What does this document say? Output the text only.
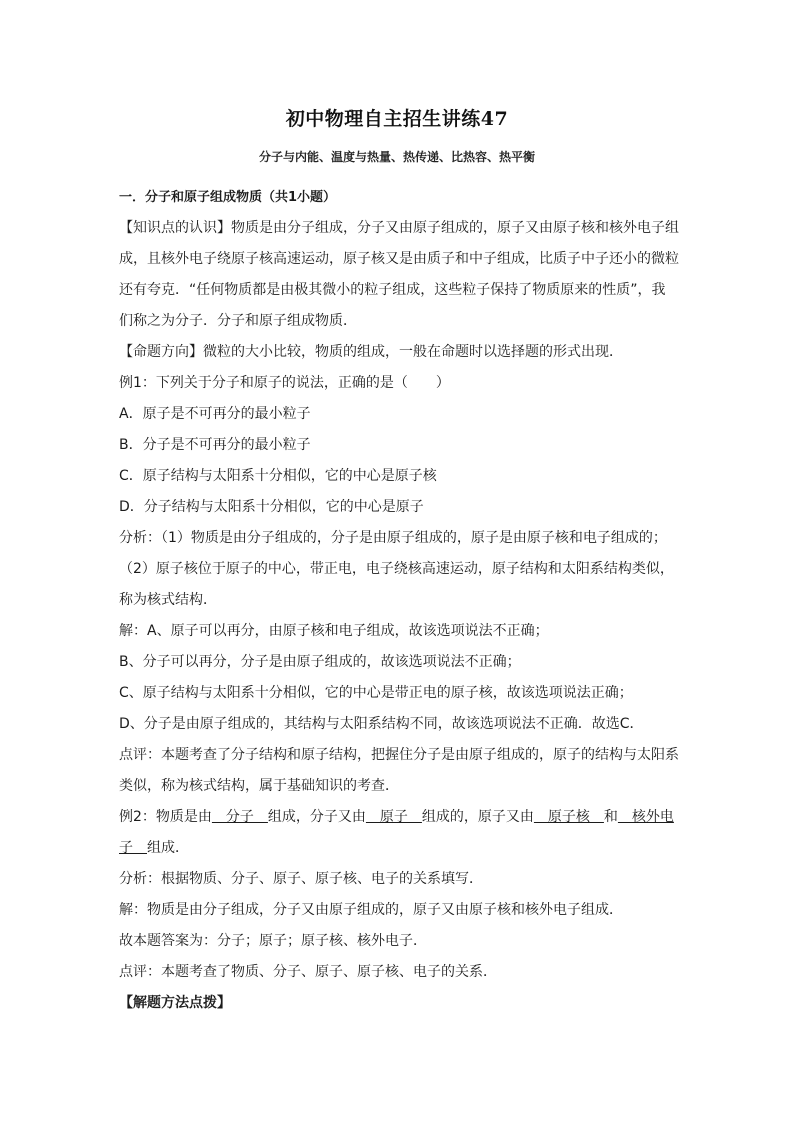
初中物理自主招生讲练47
分子与内能、温度与热量、热传递、比热容、热平衡
一．分子和原子组成物质（共1小题）
【知识点的认识】物质是由分子组成，分子又由原子组成的，原子又由原子核和核外电子组
成，且核外电子绕原子核高速运动，原子核又是由质子和中子组成，比质子中子还小的微粒
还有夸克．“任何物质都是由极其微小的粒子组成，这些粒子保持了物质原来的性质”，我
们称之为分子．分子和原子组成物质．
【命题方向】微粒的大小比较，物质的组成，一般在命题时以选择题的形式出现．
例1：下列关于分子和原子的说法，正确的是（　　）
A．原子是不可再分的最小粒子
B．分子是不可再分的最小粒子
C．原子结构与太阳系十分相似，它的中心是原子核
D．分子结构与太阳系十分相似，它的中心是原子
分析：（1）物质是由分子组成的，分子是由原子组成的，原子是由原子核和电子组成的；
（2）原子核位于原子的中心，带正电，电子绕核高速运动，原子结构和太阳系结构类似，
称为核式结构．
解：A、原子可以再分，由原子核和电子组成，故该选项说法不正确；
B、分子可以再分，分子是由原子组成的，故该选项说法不正确；
C、原子结构与太阳系十分相似，它的中心是带正电的原子核，故该选项说法正确；
D、分子是由原子组成的，其结构与太阳系结构不同，故该选项说法不正确．故选C．
点评：本题考查了分子结构和原子结构，把握住分子是由原子组成的，原子的结构与太阳系
类似，称为核式结构，属于基础知识的考查．
例2：物质是由　分子　组成，分子又由　原子　组成的，原子又由　原子核　和　核外电
子　组成．
分析：根据物质、分子、原子、原子核、电子的关系填写．
解：物质是由分子组成，分子又由原子组成的，原子又由原子核和核外电子组成．
故本题答案为：分子；原子；原子核、核外电子．
点评：本题考查了物质、分子、原子、原子核、电子的关系．
【解题方法点拨】
